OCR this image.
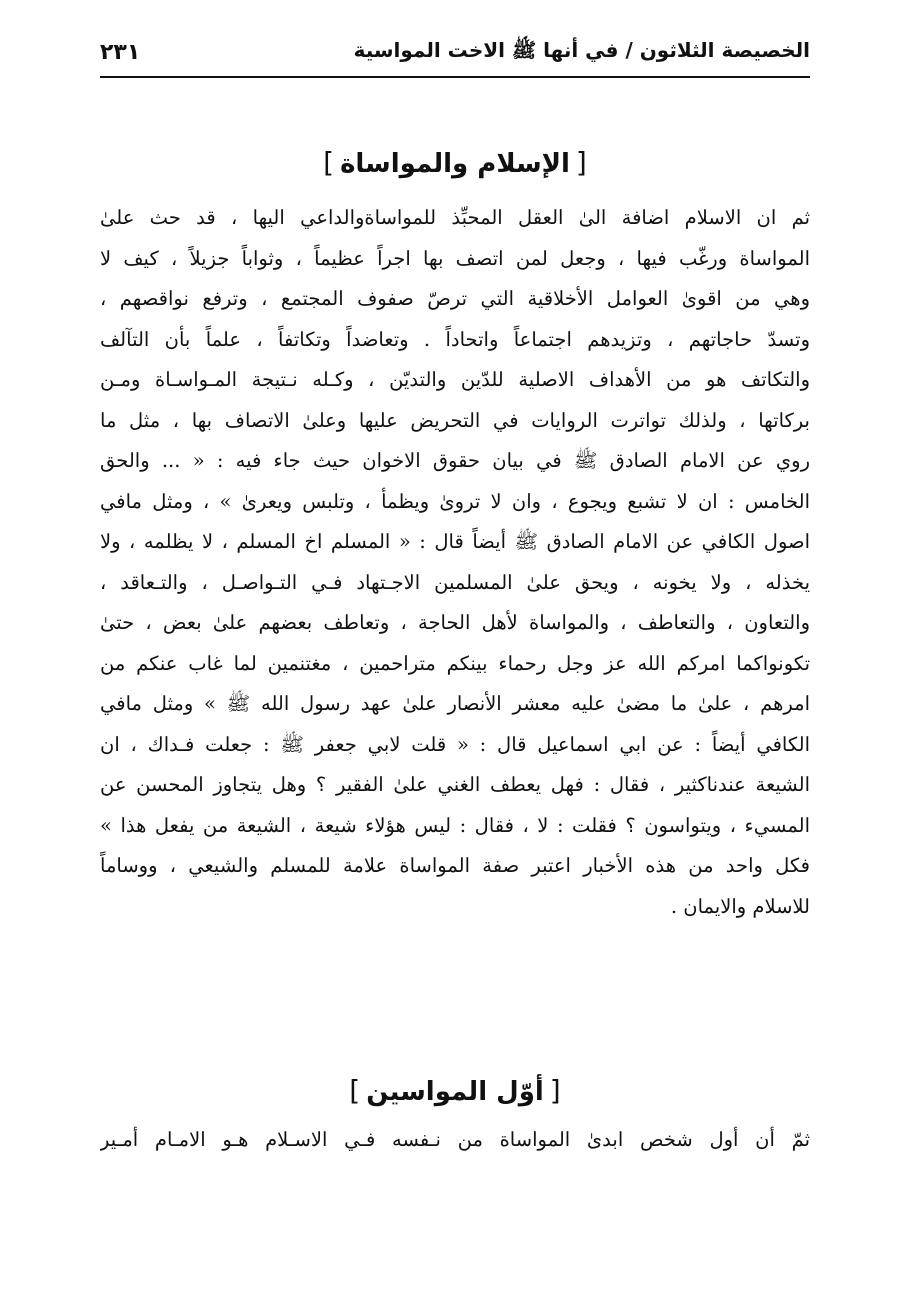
الخصيصة الثلاثون / في أنها ﷺ الاخت المواسية
٢٣١
[الإسلام والمواساة]
ثم ان الاسلام اضافة الىٰ العقل المحبِّذ للمواساةوالداعي اليها ، قد حث علىٰ
المواساة ورغّب فيها ، وجعل لمن اتصف بها اجراً عظيماً ، وثواباً جزيلاً ، كيف لا
وهي من اقوىٰ العوامل الأخلاقية التي ترصّ صفوف المجتمع ، وترفع نواقصهم ،
وتسدّ حاجاتهم ، وتزيدهم اجتماعاً واتحاداً . وتعاضداً وتكاتفاً ، علماً بأن التآلف
والتكاتف هو من الأهداف الاصلية للدّين والتديّن ، وكـله نـتيجة المـواسـاة ومـن
بركاتها ، ولذلك تواترت الروايات في التحريض عليها وعلىٰ الاتصاف بها ، مثل ما
روي عن الامام الصادق ﷺ في بيان حقوق الاخوان حيث جاء فيه : « ... والحق
الخامس : ان لا تشبع ويجوع ، وان لا تروىٰ ويظمأ ، وتلبس ويعرىٰ » ، ومثل مافي
اصول الكافي عن الامام الصادق ﷺ أيضاً قال : « المسلم اخ المسلم ، لا يظلمه ، ولا
يخذله ، ولا يخونه ، ويحق علىٰ المسلمين الاجـتهاد فـي التـواصـل ، والتـعاقد ،
والتعاون ، والتعاطف ، والمواساة لأهل الحاجة ، وتعاطف بعضهم علىٰ بعض ، حتىٰ
تكونواكما امركم الله عز وجل رحماء بينكم متراحمين ، مغتنمين لما غاب عنكم من
امرهم ، علىٰ ما مضىٰ عليه معشر الأنصار علىٰ عهد رسول الله ﷺ » ومثل مافي
الكافي أيضاً : عن ابي اسماعيل قال : « قلت لابي جعفر ﷺ : جعلت فـداك ، ان
الشيعة عندناكثير ، فقال : فهل يعطف الغني علىٰ الفقير ؟ وهل يتجاوز المحسن عن
المسيء ، ويتواسون ؟ فقلت : لا ، فقال : ليس هؤلاء شيعة ، الشيعة من يفعل هذا »
فكل واحد من هذه الأخبار اعتبر صفة المواساة علامة للمسلم والشيعي ، ووساماً
للاسلام والايمان .
[أوّل المواسين]
ثمّ أن أول شخص ابدىٰ المواساة من نـفسه فـي الاسـلام هـو الامـام أمـير
